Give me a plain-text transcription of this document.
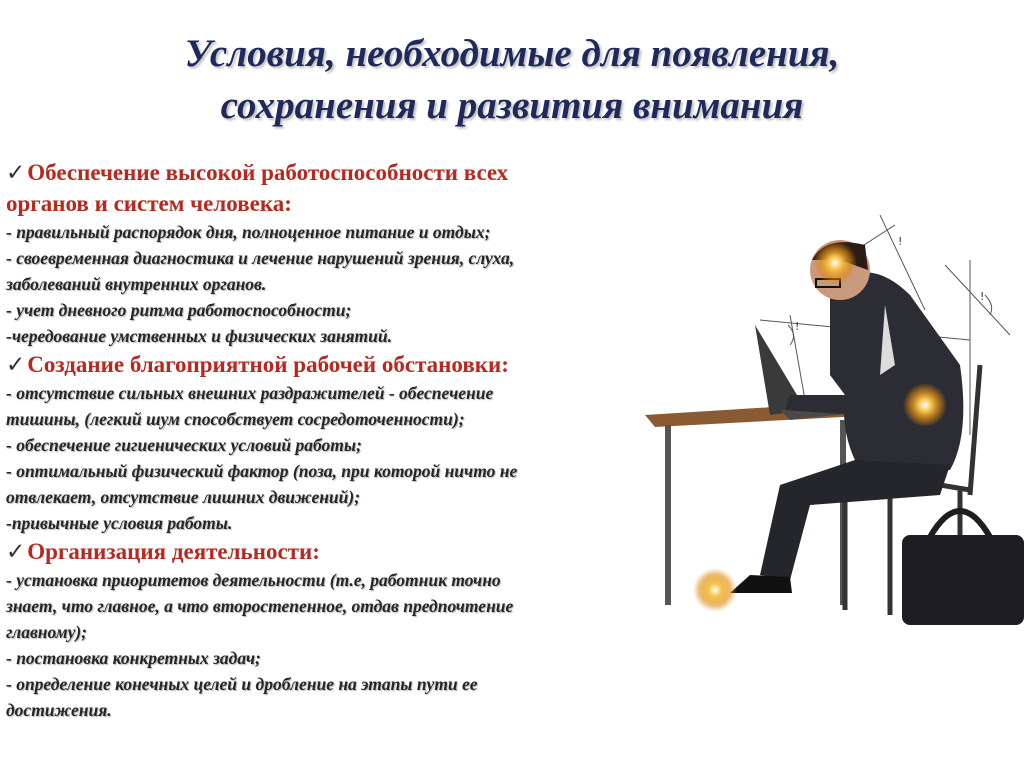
Условия, необходимые для появления,
сохранения и развития внимания

✓Обеспечение высокой работоспособности всех

органов и систем человека:

- правильный распорядок дня, полноценное питание и отдых;

- своевременная диагностика и лечение нарушений зрения, слуха,

заболеваний внутренних органов.

- учет дневного ритма работоспособности;

-чередование умственных и физических занятий.

✓Создание благоприятной рабочей обстановки:

- отсутствие сильных внешних раздражителей - обеспечение

тишины, (легкий шум способствует сосредоточенности);

- обеспечение гигиенических условий работы;

- оптимальный физический фактор (поза, при которой ничто не

отвлекает, отсутствие лишних движений);

-привычные условия работы.

✓Организация деятельности:

- установка приоритетов деятельности (т.е, работник точно

знает, что главное, а что второстепенное, отдав предпочтение

главному);

- постановка конкретных задач;

- определение конечных целей и дробление на этапы пути ее

достижения.

!
!
!
